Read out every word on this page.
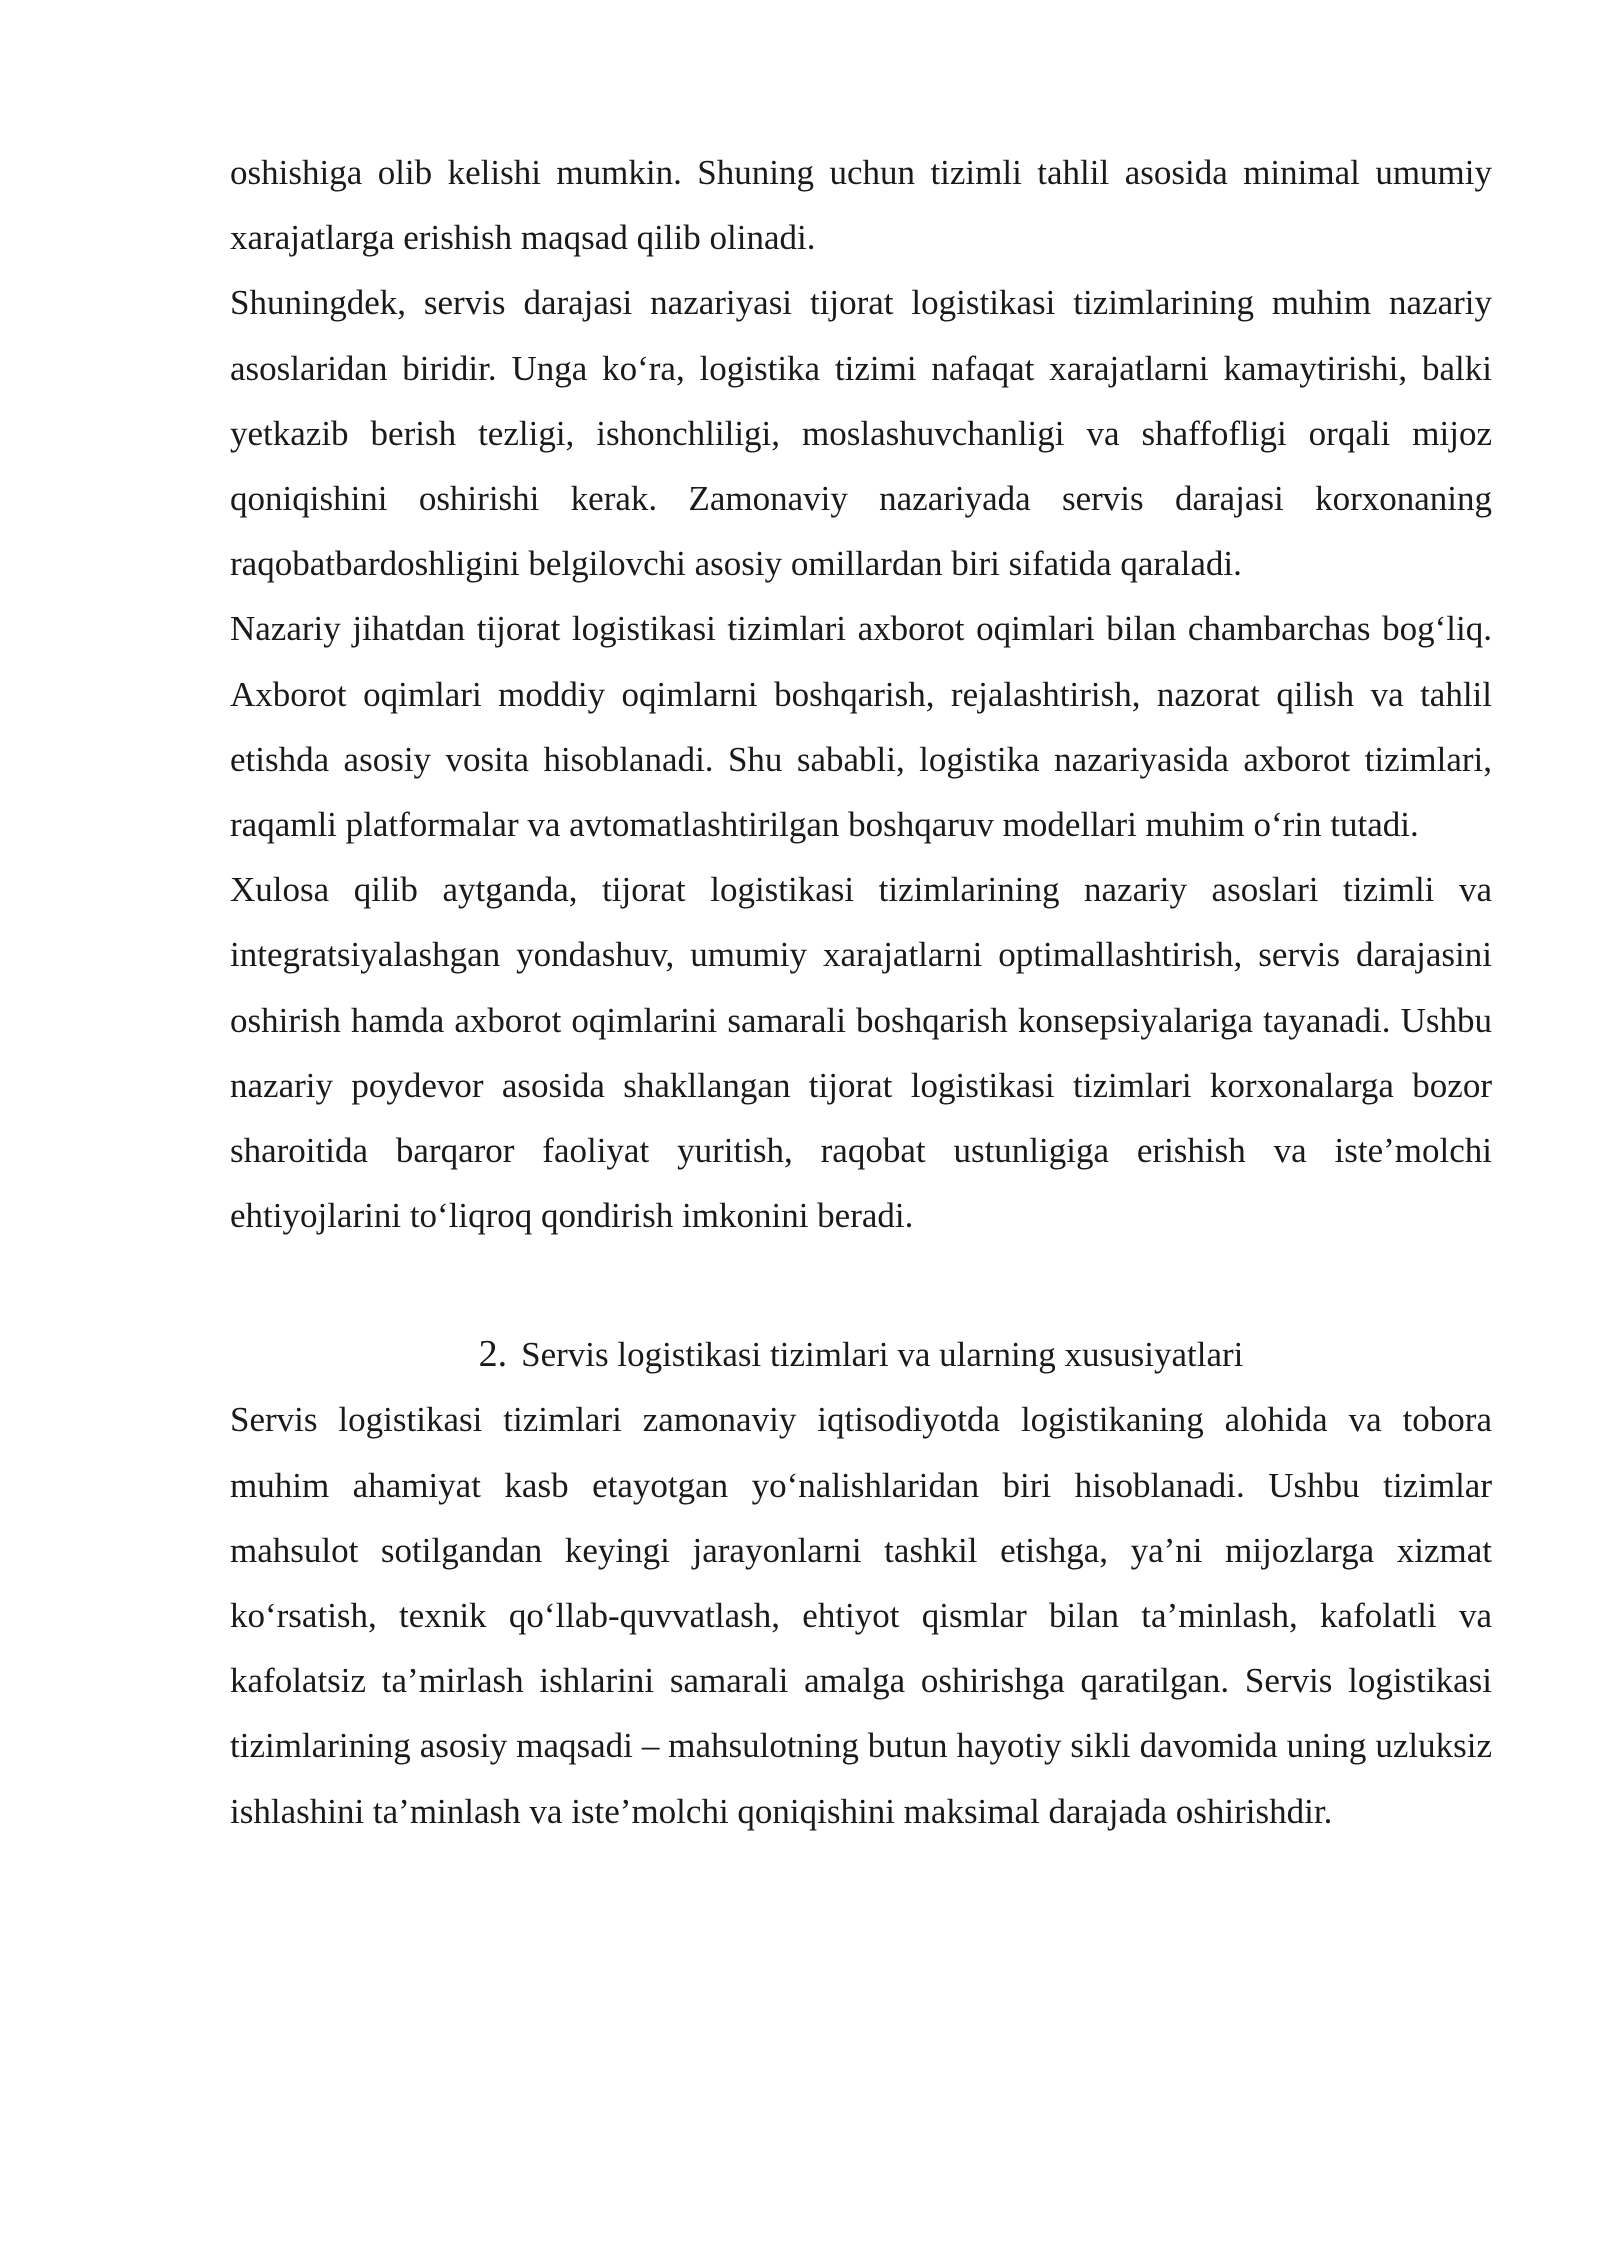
oshishiga olib kelishi mumkin. Shuning uchun tizimli tahlil asosida minimal umumiy xarajatlarga erishish maqsad qilib olinadi.

Shuningdek, servis darajasi nazariyasi tijorat logistikasi tizimlarining muhim nazariy asoslaridan biridir. Unga ko‘ra, logistika tizimi nafaqat xarajatlarni kamaytirishi, balki yetkazib berish tezligi, ishonchliligi, moslashuvchanligi va shaffofligi orqali mijoz qoniqishini oshirishi kerak. Zamonaviy nazariyada servis darajasi korxonaning raqobatbardoshligini belgilovchi asosiy omillardan biri sifatida qaraladi.

Nazariy jihatdan tijorat logistikasi tizimlari axborot oqimlari bilan chambarchas bog‘liq. Axborot oqimlari moddiy oqimlarni boshqarish, rejalashtirish, nazorat qilish va tahlil etishda asosiy vosita hisoblanadi. Shu sababli, logistika nazariyasida axborot tizimlari, raqamli platformalar va avtomatlashtirilgan boshqaruv modellari muhim o‘rin tutadi.

Xulosa qilib aytganda, tijorat logistikasi tizimlarining nazariy asoslari tizimli va integratsiyalashgan yondashuv, umumiy xarajatlarni optimallashtirish, servis darajasini oshirish hamda axborot oqimlarini samarali boshqarish konsepsiyalariga tayanadi. Ushbu nazariy poydevor asosida shakllangan tijorat logistikasi tizimlari korxonalarga bozor sharoitida barqaror faoliyat yuritish, raqobat ustunligiga erishish va iste’molchi ehtiyojlarini to‘liqroq qondirish imkonini beradi.

2. Servis logistikasi tizimlari va ularning xususiyatlari

Servis logistikasi tizimlari zamonaviy iqtisodiyotda logistikaning alohida va tobora muhim ahamiyat kasb etayotgan yo‘nalishlaridan biri hisoblanadi. Ushbu tizimlar mahsulot sotilgandan keyingi jarayonlarni tashkil etishga, ya’ni mijozlarga xizmat ko‘rsatish, texnik qo‘llab-quvvatlash, ehtiyot qismlar bilan ta’minlash, kafolatli va kafolatsiz ta’mirlash ishlarini samarali amalga oshirishga qaratilgan. Servis logistikasi tizimlarining asosiy maqsadi – mahsulotning butun hayotiy sikli davomida uning uzluksiz ishlashini ta’minlash va iste’molchi qoniqishini maksimal darajada oshirishdir.
